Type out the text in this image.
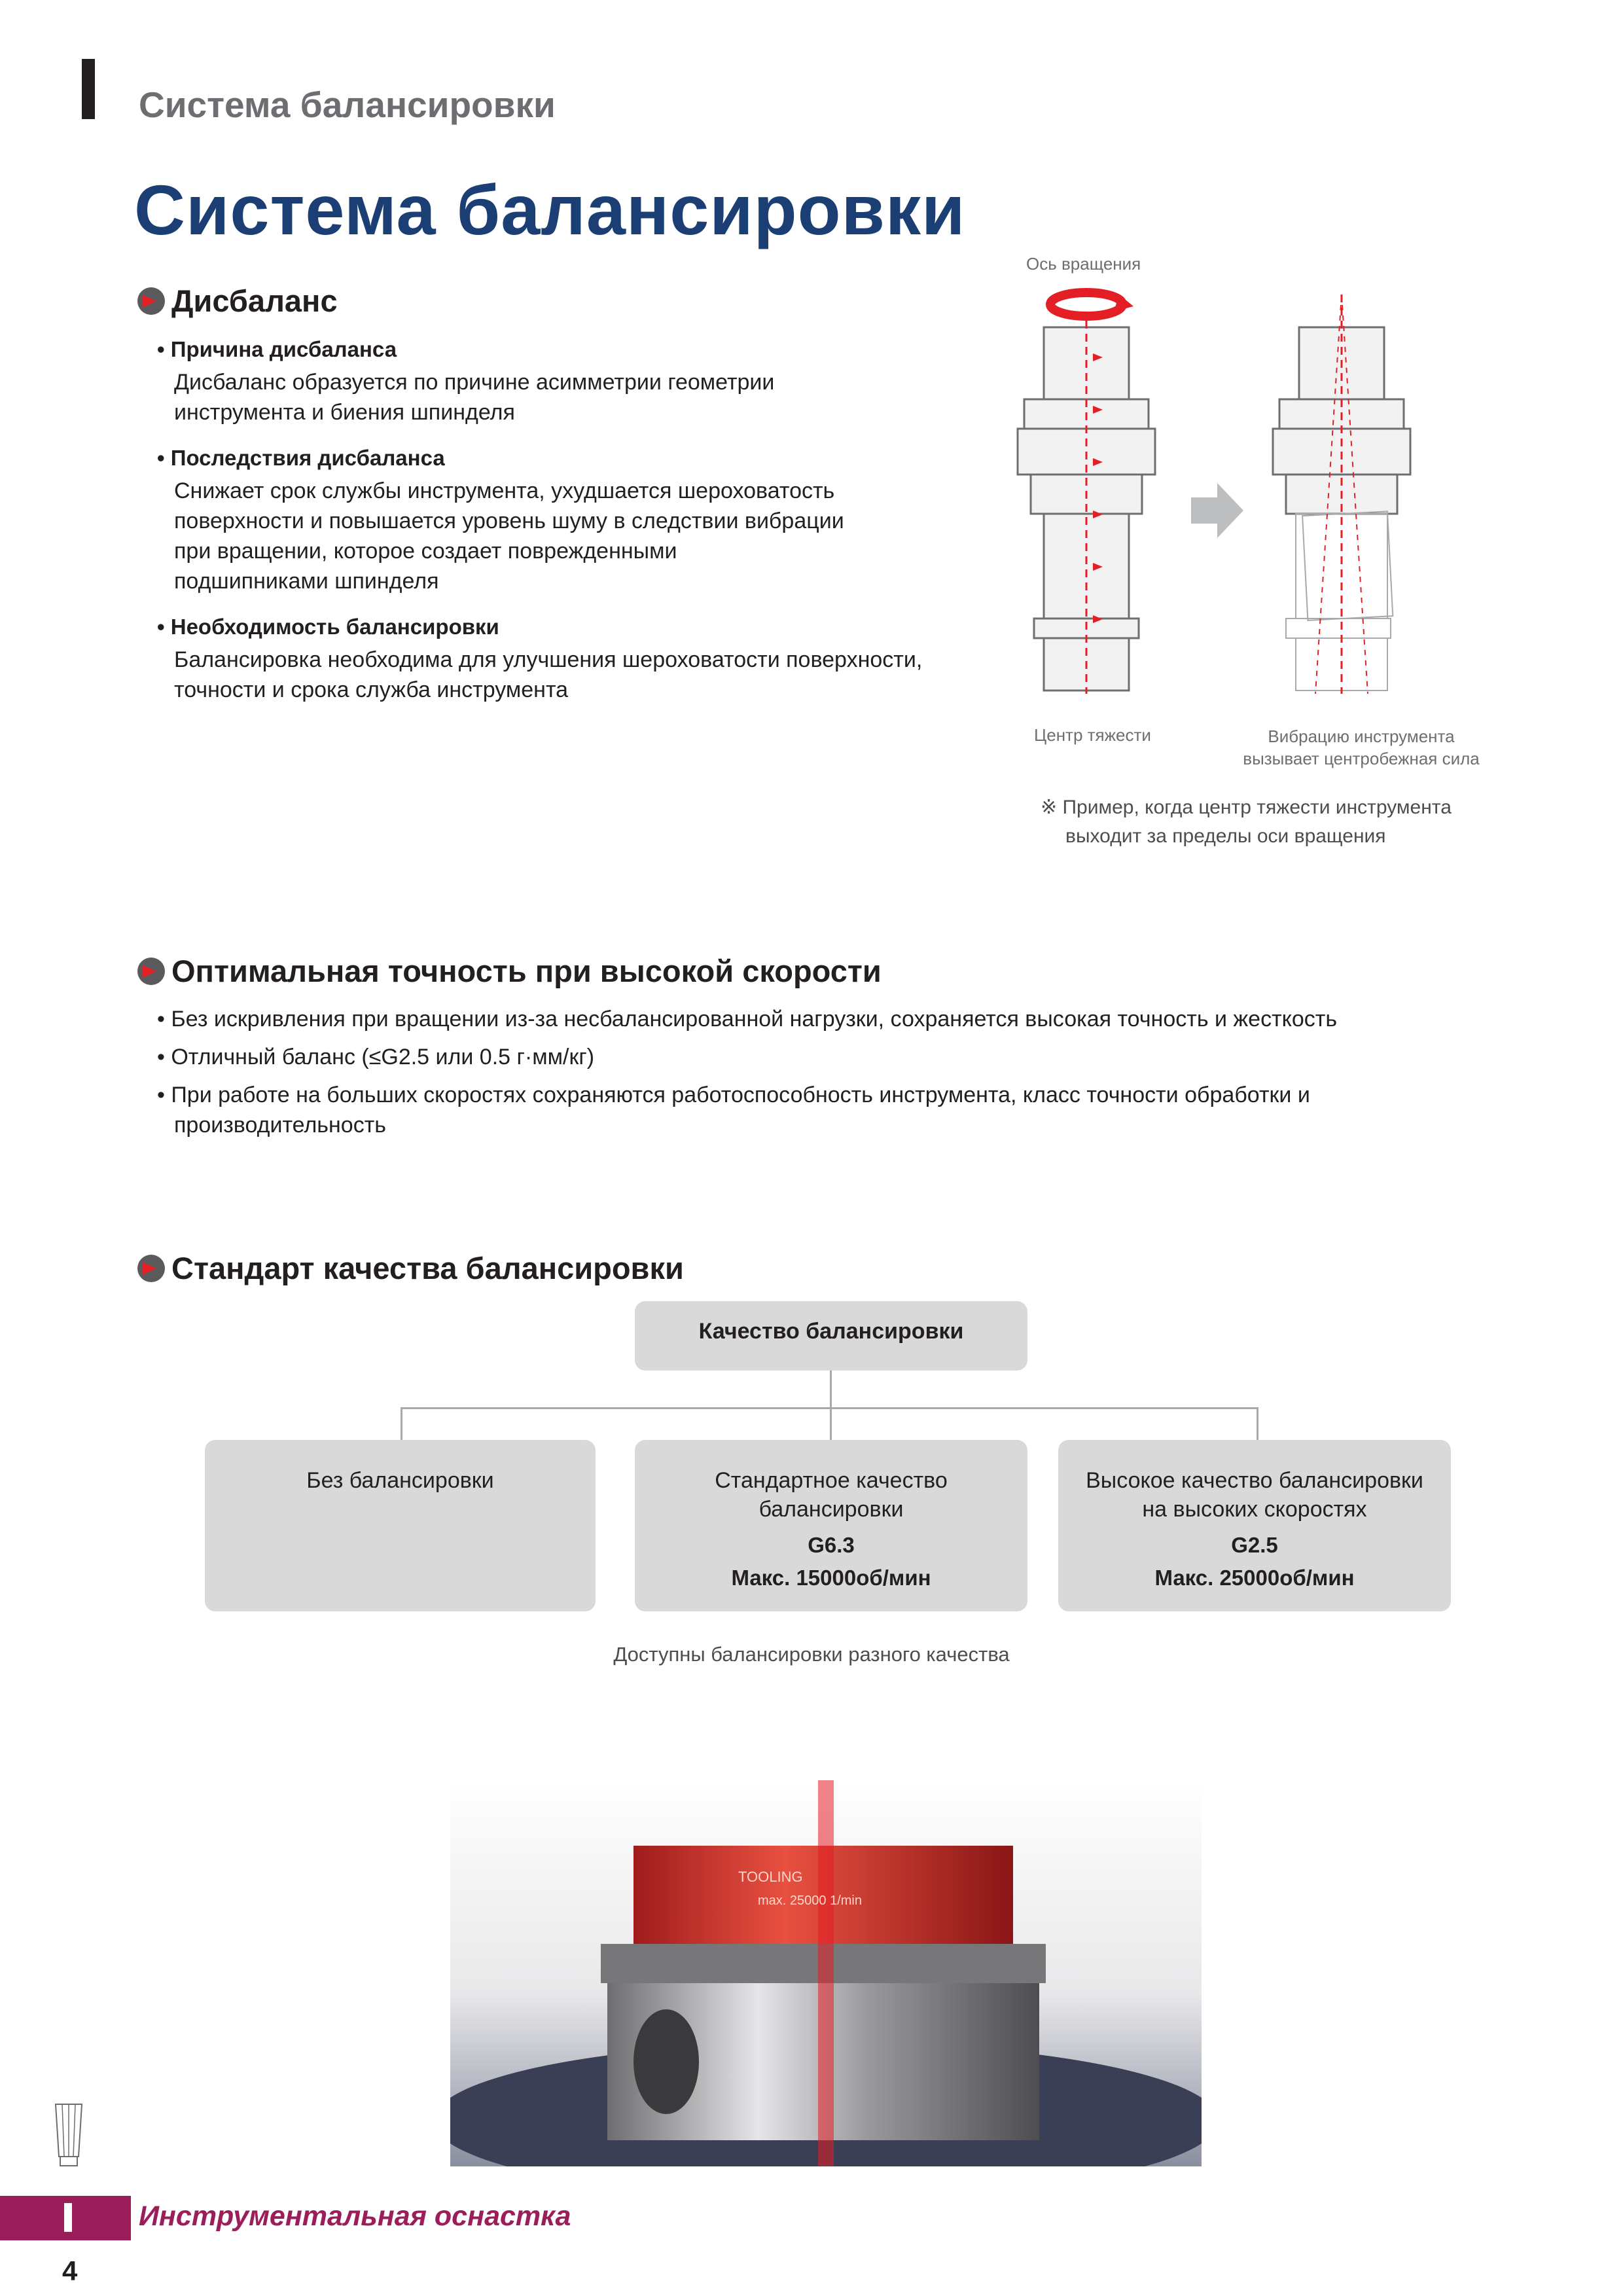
Система балансировки
Система балансировки
Дисбаланс
• Причина дисбаланса
Дисбаланс образуется по причине асимметрии геометрии
инструмента и биения шпинделя
• Последствия дисбаланса
Снижает срок службы инструмента, ухудшается шероховатость
поверхности и повышается уровень шуму в следствии вибрации
при вращении, которое создает поврежденными
подшипниками шпинделя
• Необходимость балансировки
Балансировка необходима для улучшения шероховатости поверхности,
точности и срока служба инструмента
Ось вращения
Центр тяжести	Вибрацию инструмента
вызывает центробежная сила
※ Пример, когда центр тяжести инструмента
выходит за пределы оси вращения
Оптимальная точность при высокой скорости
• Без искривления при вращении из-за несбалансированной нагрузки, сохраняется высокая точность и жесткость
• Отличный баланс (≤G2.5 или 0.5 г·мм/кг)
• При работе на больших скоростях сохраняются работоспособность инструмента, класс точности обработки и
производительность
Стандарт качества балансировки
Качество балансировки
Без балансировки	Стандартное качество
балансировки
G6.3
Макс. 15000об/мин
Высокое качество балансировки
на высоких скоростях
G2.5
Макс. 25000об/мин
Доступны балансировки разного качества
TOOLING
max. 25000 1/min
Инструментальная оснастка
4
